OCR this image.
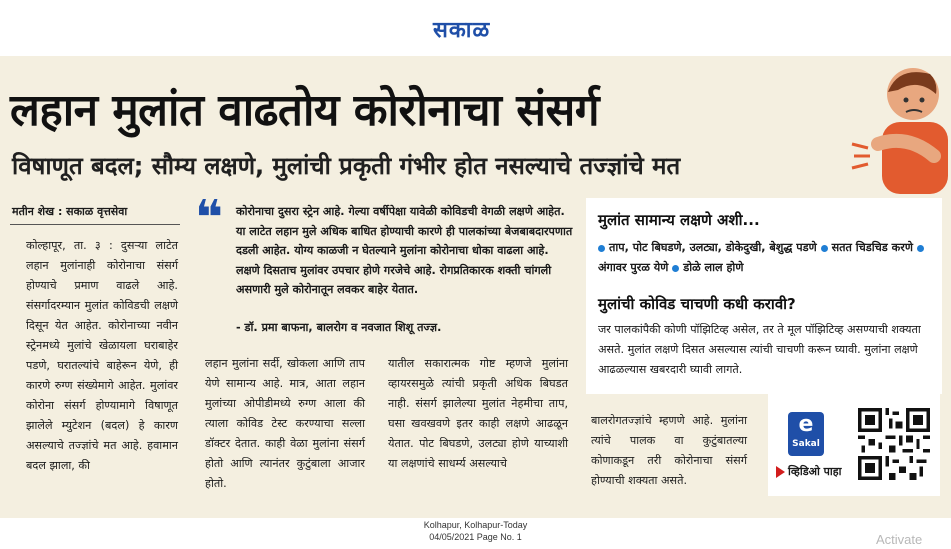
सकाळ
लहान मुलांत वाढतोय कोरोनाचा संसर्ग
विषाणूत बदल; सौम्य लक्षणे, मुलांची प्रकृती गंभीर होत नसल्याचे तज्ज्ञांचे मत
मतीन शेख : सकाळ वृत्तसेवा
कोल्हापूर, ता. ३ : दुसऱ्या लाटेत लहान मुलांनाही कोरोनाचा संसर्ग होण्याचे प्रमाण वाढले आहे. संसर्गादरम्यान मुलांत कोविडची लक्षणे दिसून येत आहेत. कोरोनाच्या नवीन स्ट्रेनमध्ये मुलांचे खेळायला घराबाहेर पडणे, घरातल्यांचे बाहेरून येणे, ही कारणे रुग्ण संख्येमागे आहेत. मुलांवर कोरोना संसर्ग होण्यामागे विषाणूत झालेले म्युटेशन (बदल) हे कारण असल्याचे तज्ज्ञांचे मत आहे. हवामान बदल झाला, की
❝ कोरोनाचा दुसरा स्ट्रेन आहे. गेल्या वर्षीपेक्षा यावेळी कोविडची वेगळी लक्षणे आहेत. या लाटेत लहान मुले अधिक बाधित होण्याची कारणे ही पालकांच्या बेजबाबदारपणात दडली आहेत. योग्य काळजी न घेतल्याने मुलांना कोरोनाचा धोका वाढला आहे. लक्षणे दिसताच मुलांवर उपचार होणे गरजेचे आहे. रोगप्रतिकारक शक्ती चांगली असणारी मुले कोरोनातून लवकर बाहेर येतात.
- डॉ. प्रमा बाफना, बालरोग व नवजात शिशू तज्ज्ञ.
लहान मुलांना सर्दी, खोकला आणि ताप येणे सामान्य आहे. मात्र, आता लहान मुलांच्या ओपीडीमध्ये रुग्ण आला की त्याला कोविड टेस्ट करण्याचा सल्ला डॉक्टर देतात. काही वेळा मुलांना संसर्ग होतो आणि त्यानंतर कुटुंबाला आजार होतो.
यातील सकारात्मक गोष्ट म्हणजे मुलांना व्हायरसमुळे त्यांची प्रकृती अधिक बिघडत नाही. संसर्ग झालेल्या मुलांत नेहमीचा ताप, घसा खवखवणे इतर काही लक्षणे आढळून येतात. पोट बिघडणे, उलट्या होणे याच्याशी या लक्षणांचे साधर्म्य असल्याचे
मुलांत सामान्य लक्षणे अशी...
ताप, पोट बिघडणे, उलट्या, डोकेदुखी, बेशुद्ध पडणे सतत चिडचिड करणे अंगावर पुरळ येणे डोळे लाल होणे
मुलांची कोविड चाचणी कधी करावी?
जर पालकांपैकी कोणी पॉझिटिव्ह असेल, तर ते मूल पॉझिटिव्ह असण्याची शक्यता असते. मुलांत लक्षणे दिसत असल्यास त्यांची चाचणी करून घ्यावी. मुलांना लक्षणे आढळल्यास खबरदारी घ्यावी लागते.
बालरोगतज्ज्ञांचे म्हणणे आहे. मुलांना त्यांचे पालक वा कुटुंबातल्या कोणाकडून तरी कोरोनाचा संसर्ग होण्याची शक्यता असते.
e
Sakal
व्हिडिओ पाहा
Kolhapur, Kolhapur-Today
04/05/2021 Page No. 1	Activate
